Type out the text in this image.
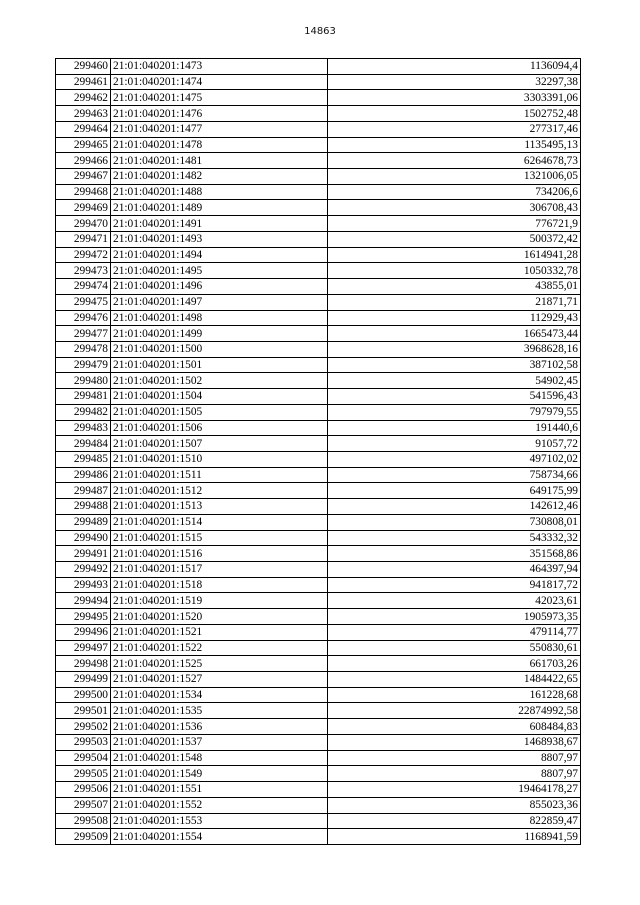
14863
299460	21:01:040201:1473	1136094,4
299461	21:01:040201:1474	32297,38
299462	21:01:040201:1475	3303391,06
299463	21:01:040201:1476	1502752,48
299464	21:01:040201:1477	277317,46
299465	21:01:040201:1478	1135495,13
299466	21:01:040201:1481	6264678,73
299467	21:01:040201:1482	1321006,05
299468	21:01:040201:1488	734206,6
299469	21:01:040201:1489	306708,43
299470	21:01:040201:1491	776721,9
299471	21:01:040201:1493	500372,42
299472	21:01:040201:1494	1614941,28
299473	21:01:040201:1495	1050332,78
299474	21:01:040201:1496	43855,01
299475	21:01:040201:1497	21871,71
299476	21:01:040201:1498	112929,43
299477	21:01:040201:1499	1665473,44
299478	21:01:040201:1500	3968628,16
299479	21:01:040201:1501	387102,58
299480	21:01:040201:1502	54902,45
299481	21:01:040201:1504	541596,43
299482	21:01:040201:1505	797979,55
299483	21:01:040201:1506	191440,6
299484	21:01:040201:1507	91057,72
299485	21:01:040201:1510	497102,02
299486	21:01:040201:1511	758734,66
299487	21:01:040201:1512	649175,99
299488	21:01:040201:1513	142612,46
299489	21:01:040201:1514	730808,01
299490	21:01:040201:1515	543332,32
299491	21:01:040201:1516	351568,86
299492	21:01:040201:1517	464397,94
299493	21:01:040201:1518	941817,72
299494	21:01:040201:1519	42023,61
299495	21:01:040201:1520	1905973,35
299496	21:01:040201:1521	479114,77
299497	21:01:040201:1522	550830,61
299498	21:01:040201:1525	661703,26
299499	21:01:040201:1527	1484422,65
299500	21:01:040201:1534	161228,68
299501	21:01:040201:1535	22874992,58
299502	21:01:040201:1536	608484,83
299503	21:01:040201:1537	1468938,67
299504	21:01:040201:1548	8807,97
299505	21:01:040201:1549	8807,97
299506	21:01:040201:1551	19464178,27
299507	21:01:040201:1552	855023,36
299508	21:01:040201:1553	822859,47
299509	21:01:040201:1554	1168941,59
